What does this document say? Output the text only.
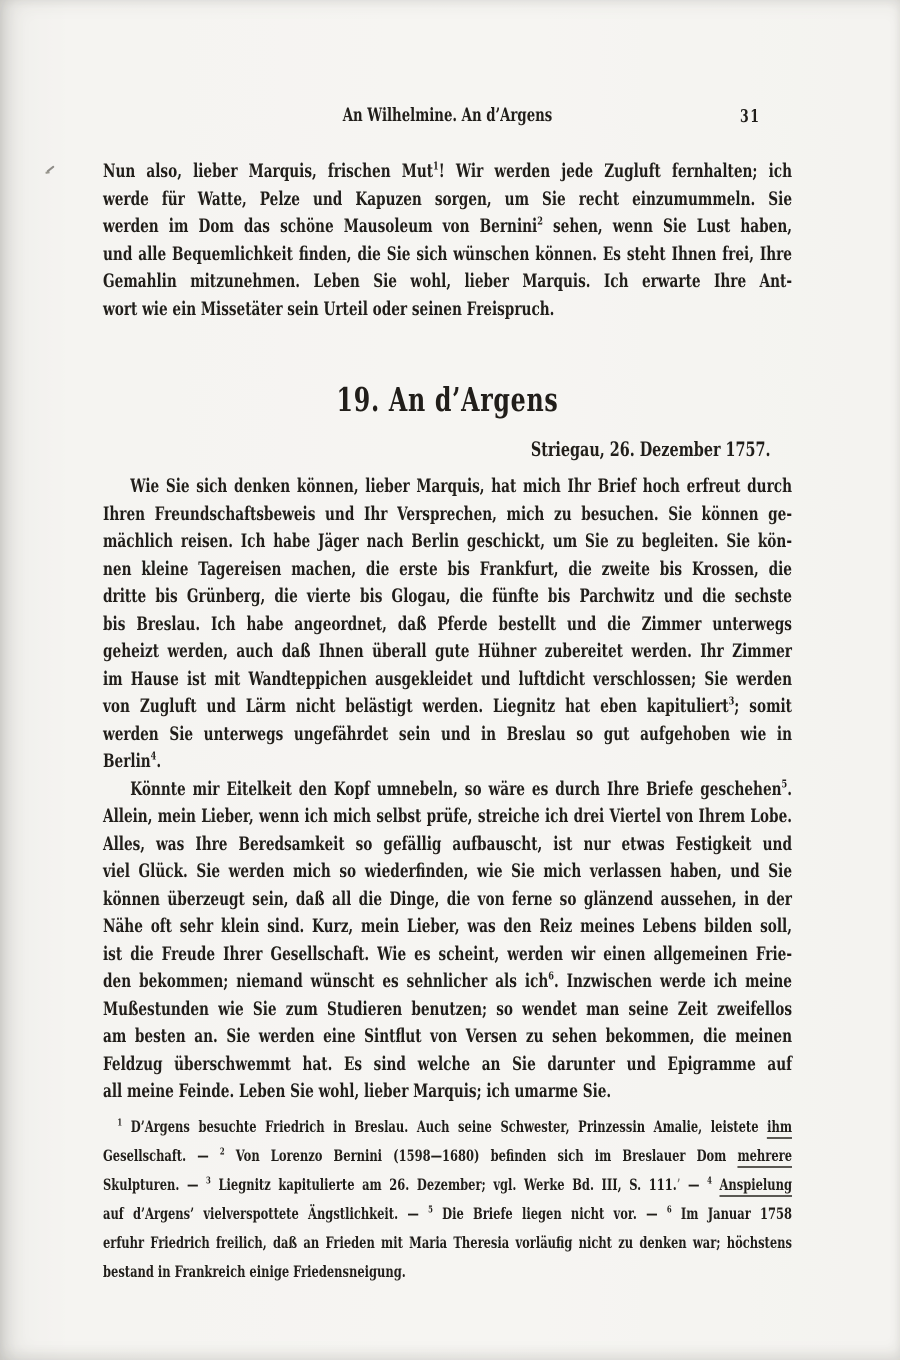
An Wilhelmine. An d’Argens	31
Nun also, lieber Marquis, frischen Mut$^1$! Wir werden jede Zugluft fernhalten; ich
werde für Watte, Pelze und Kapuzen sorgen, um Sie recht einzumummeln. Sie
werden im Dom das schöne Mausoleum von Bernini$^2$ sehen, wenn Sie Lust haben,
und alle Bequemlichkeit finden, die Sie sich wünschen können. Es steht Ihnen frei, Ihre
Gemahlin mitzunehmen. Leben Sie wohl, lieber Marquis. Ich erwarte Ihre Ant-
wort wie ein Missetäter sein Urteil oder seinen Freispruch.
19. An d’Argens
Striegau, 26. Dezember 1757.
Wie Sie sich denken können, lieber Marquis, hat mich Ihr Brief hoch erfreut durch
Ihren Freundschaftsbeweis und Ihr Versprechen, mich zu besuchen. Sie können ge-
mächlich reisen. Ich habe Jäger nach Berlin geschickt, um Sie zu begleiten. Sie kön-
nen kleine Tagereisen machen, die erste bis Frankfurt, die zweite bis Krossen, die
dritte bis Grünberg, die vierte bis Glogau, die fünfte bis Parchwitz und die sechste
bis Breslau. Ich habe angeordnet, daß Pferde bestellt und die Zimmer unterwegs
geheizt werden, auch daß Ihnen überall gute Hühner zubereitet werden. Ihr Zimmer
im Hause ist mit Wandteppichen ausgekleidet und luftdicht verschlossen; Sie werden
von Zugluft und Lärm nicht belästigt werden. Liegnitz hat eben kapituliert$^3$; somit
werden Sie unterwegs ungefährdet sein und in Breslau so gut aufgehoben wie in
Berlin$^4$.
Könnte mir Eitelkeit den Kopf umnebeln, so wäre es durch Ihre Briefe geschehen$^5$.
Allein, mein Lieber, wenn ich mich selbst prüfe, streiche ich drei Viertel von Ihrem Lobe.
Alles, was Ihre Beredsamkeit so gefällig aufbauscht, ist nur etwas Festigkeit und
viel Glück. Sie werden mich so wiederfinden, wie Sie mich verlassen haben, und Sie
können überzeugt sein, daß all die Dinge, die von ferne so glänzend aussehen, in der
Nähe oft sehr klein sind. Kurz, mein Lieber, was den Reiz meines Lebens bilden soll,
ist die Freude Ihrer Gesellschaft. Wie es scheint, werden wir einen allgemeinen Frie-
den bekommen; niemand wünscht es sehnlicher als ich$^6$. Inzwischen werde ich meine
Mußestunden wie Sie zum Studieren benutzen; so wendet man seine Zeit zweifellos
am besten an. Sie werden eine Sintflut von Versen zu sehen bekommen, die meinen
Feldzug überschwemmt hat. Es sind welche an Sie darunter und Epigramme auf
all meine Feinde. Leben Sie wohl, lieber Marquis; ich umarme Sie.
$^1$ D’Argens besuchte Friedrich in Breslau. Auch seine Schwester, Prinzessin Amalie, leistete ihm
Gesellschaft. — $^2$ Von Lorenzo Bernini (1598—1680) befinden sich im Breslauer Dom mehrere
Skulpturen. — $^3$ Liegnitz kapitulierte am 26. Dezember; vgl. Werke Bd. III, S. 111.’ — $^4$ Anspielung
auf d’Argens’ vielverspottete Ängstlichkeit. — $^5$ Die Briefe liegen nicht vor. — $^6$ Im Januar 1758
erfuhr Friedrich freilich, daß an Frieden mit Maria Theresia vorläufig nicht zu denken war; höchstens
bestand in Frankreich einige Friedensneigung.
